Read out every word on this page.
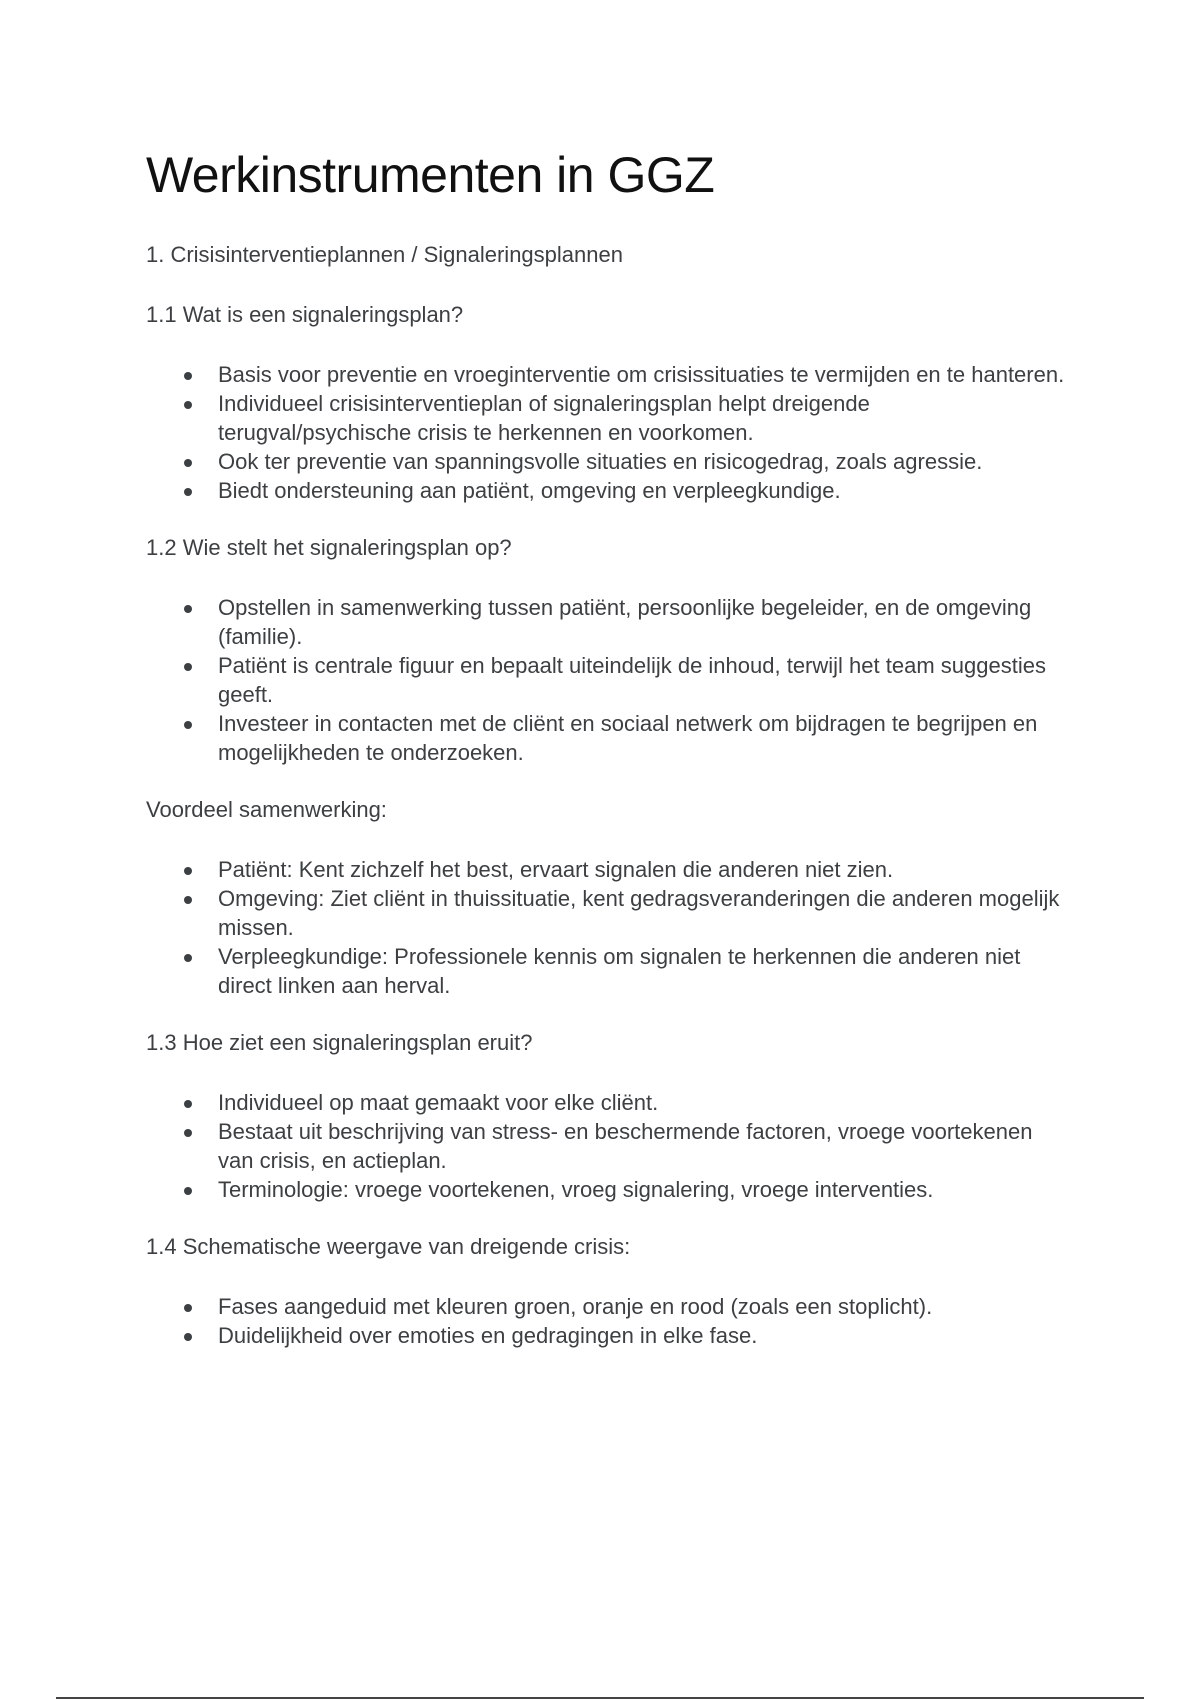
Werkinstrumenten in GGZ
1. Crisisinterventieplannen / Signaleringsplannen
1.1 Wat is een signaleringsplan?
Basis voor preventie en vroeginterventie om crisissituaties te vermijden en te hanteren.
Individueel crisisinterventieplan of signaleringsplan helpt dreigende terugval/psychische crisis te herkennen en voorkomen.
Ook ter preventie van spanningsvolle situaties en risicogedrag, zoals agressie.
Biedt ondersteuning aan patiënt, omgeving en verpleegkundige.
1.2 Wie stelt het signaleringsplan op?
Opstellen in samenwerking tussen patiënt, persoonlijke begeleider, en de omgeving (familie).
Patiënt is centrale figuur en bepaalt uiteindelijk de inhoud, terwijl het team suggesties geeft.
Investeer in contacten met de cliënt en sociaal netwerk om bijdragen te begrijpen en mogelijkheden te onderzoeken.
Voordeel samenwerking:
Patiënt: Kent zichzelf het best, ervaart signalen die anderen niet zien.
Omgeving: Ziet cliënt in thuissituatie, kent gedragsveranderingen die anderen mogelijk missen.
Verpleegkundige: Professionele kennis om signalen te herkennen die anderen niet direct linken aan herval.
1.3 Hoe ziet een signaleringsplan eruit?
Individueel op maat gemaakt voor elke cliënt.
Bestaat uit beschrijving van stress- en beschermende factoren, vroege voortekenen van crisis, en actieplan.
Terminologie: vroege voortekenen, vroeg signalering, vroege interventies.
1.4 Schematische weergave van dreigende crisis:
Fases aangeduid met kleuren groen, oranje en rood (zoals een stoplicht).
Duidelijkheid over emoties en gedragingen in elke fase.
